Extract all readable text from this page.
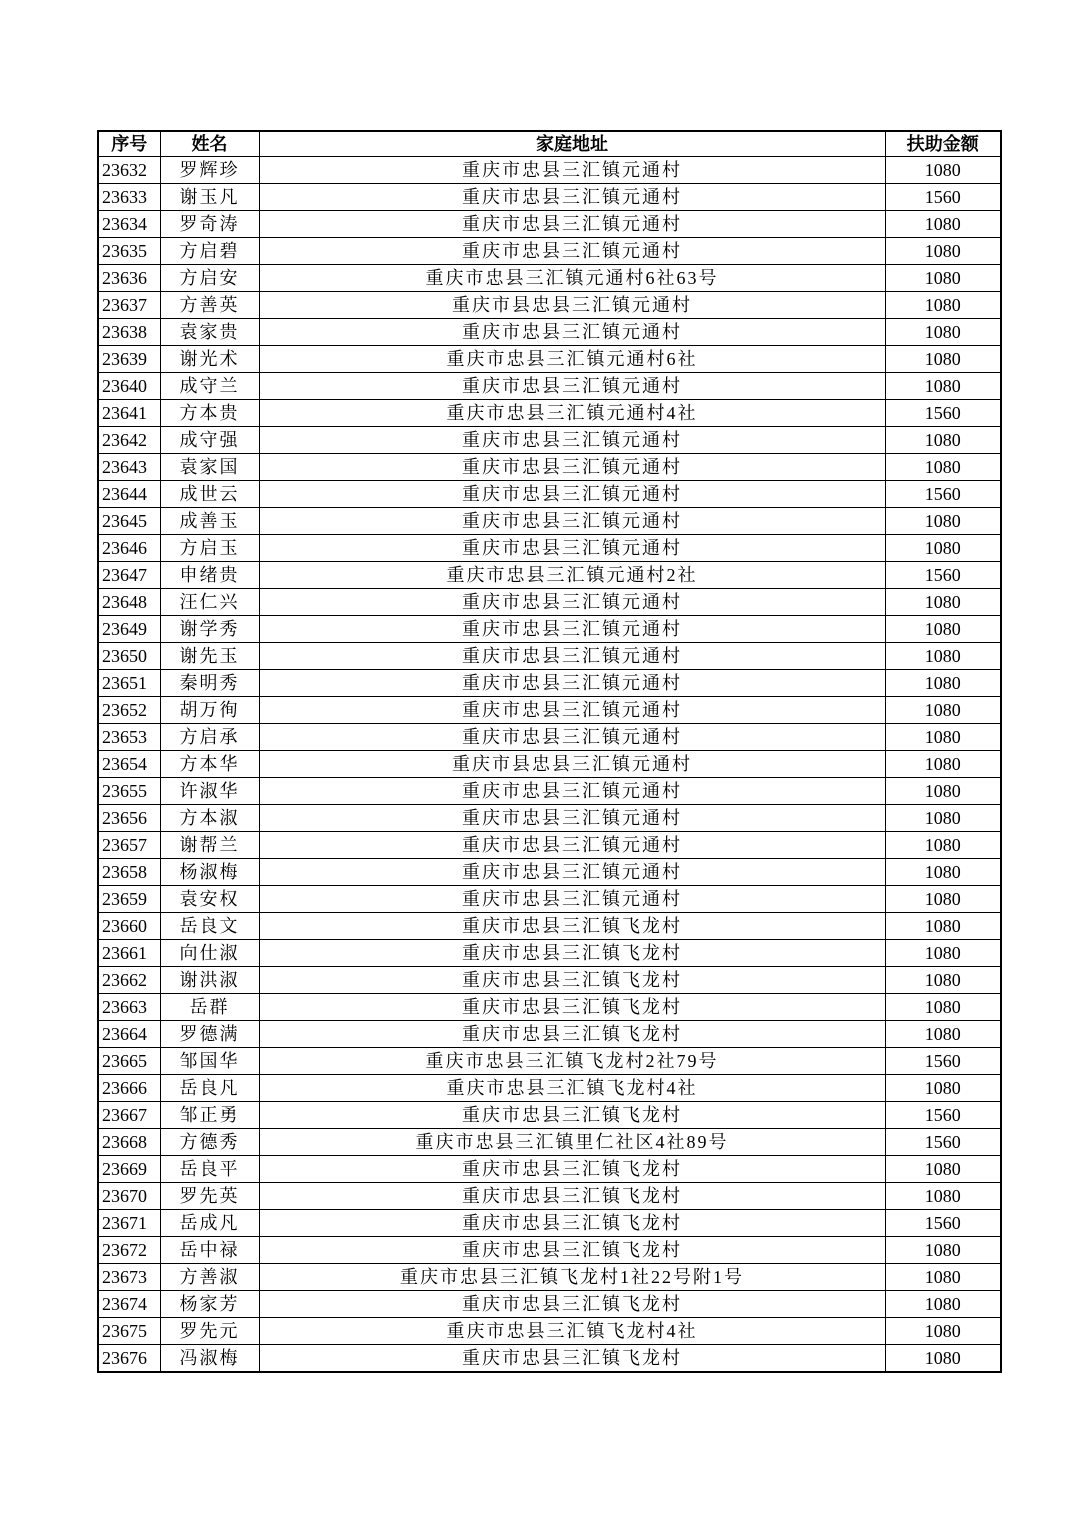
序号	姓名	家庭地址	扶助金额
23632	罗辉珍	重庆市忠县三汇镇元通村	1080
23633	谢玉凡	重庆市忠县三汇镇元通村	1560
23634	罗奇涛	重庆市忠县三汇镇元通村	1080
23635	方启碧	重庆市忠县三汇镇元通村	1080
23636	方启安	重庆市忠县三汇镇元通村6社63号	1080
23637	方善英	重庆市县忠县三汇镇元通村	1080
23638	袁家贵	重庆市忠县三汇镇元通村	1080
23639	谢光术	重庆市忠县三汇镇元通村6社	1080
23640	成守兰	重庆市忠县三汇镇元通村	1080
23641	方本贵	重庆市忠县三汇镇元通村4社	1560
23642	成守强	重庆市忠县三汇镇元通村	1080
23643	袁家国	重庆市忠县三汇镇元通村	1080
23644	成世云	重庆市忠县三汇镇元通村	1560
23645	成善玉	重庆市忠县三汇镇元通村	1080
23646	方启玉	重庆市忠县三汇镇元通村	1080
23647	申绪贵	重庆市忠县三汇镇元通村2社	1560
23648	汪仁兴	重庆市忠县三汇镇元通村	1080
23649	谢学秀	重庆市忠县三汇镇元通村	1080
23650	谢先玉	重庆市忠县三汇镇元通村	1080
23651	秦明秀	重庆市忠县三汇镇元通村	1080
23652	胡万徇	重庆市忠县三汇镇元通村	1080
23653	方启承	重庆市忠县三汇镇元通村	1080
23654	方本华	重庆市县忠县三汇镇元通村	1080
23655	许淑华	重庆市忠县三汇镇元通村	1080
23656	方本淑	重庆市忠县三汇镇元通村	1080
23657	谢帮兰	重庆市忠县三汇镇元通村	1080
23658	杨淑梅	重庆市忠县三汇镇元通村	1080
23659	袁安权	重庆市忠县三汇镇元通村	1080
23660	岳良文	重庆市忠县三汇镇飞龙村	1080
23661	向仕淑	重庆市忠县三汇镇飞龙村	1080
23662	谢洪淑	重庆市忠县三汇镇飞龙村	1080
23663	岳群	重庆市忠县三汇镇飞龙村	1080
23664	罗德满	重庆市忠县三汇镇飞龙村	1080
23665	邹国华	重庆市忠县三汇镇飞龙村2社79号	1560
23666	岳良凡	重庆市忠县三汇镇飞龙村4社	1080
23667	邹正勇	重庆市忠县三汇镇飞龙村	1560
23668	方德秀	重庆市忠县三汇镇里仁社区4社89号	1560
23669	岳良平	重庆市忠县三汇镇飞龙村	1080
23670	罗先英	重庆市忠县三汇镇飞龙村	1080
23671	岳成凡	重庆市忠县三汇镇飞龙村	1560
23672	岳中禄	重庆市忠县三汇镇飞龙村	1080
23673	方善淑	重庆市忠县三汇镇飞龙村1社22号附1号	1080
23674	杨家芳	重庆市忠县三汇镇飞龙村	1080
23675	罗先元	重庆市忠县三汇镇飞龙村4社	1080
23676	冯淑梅	重庆市忠县三汇镇飞龙村	1080
